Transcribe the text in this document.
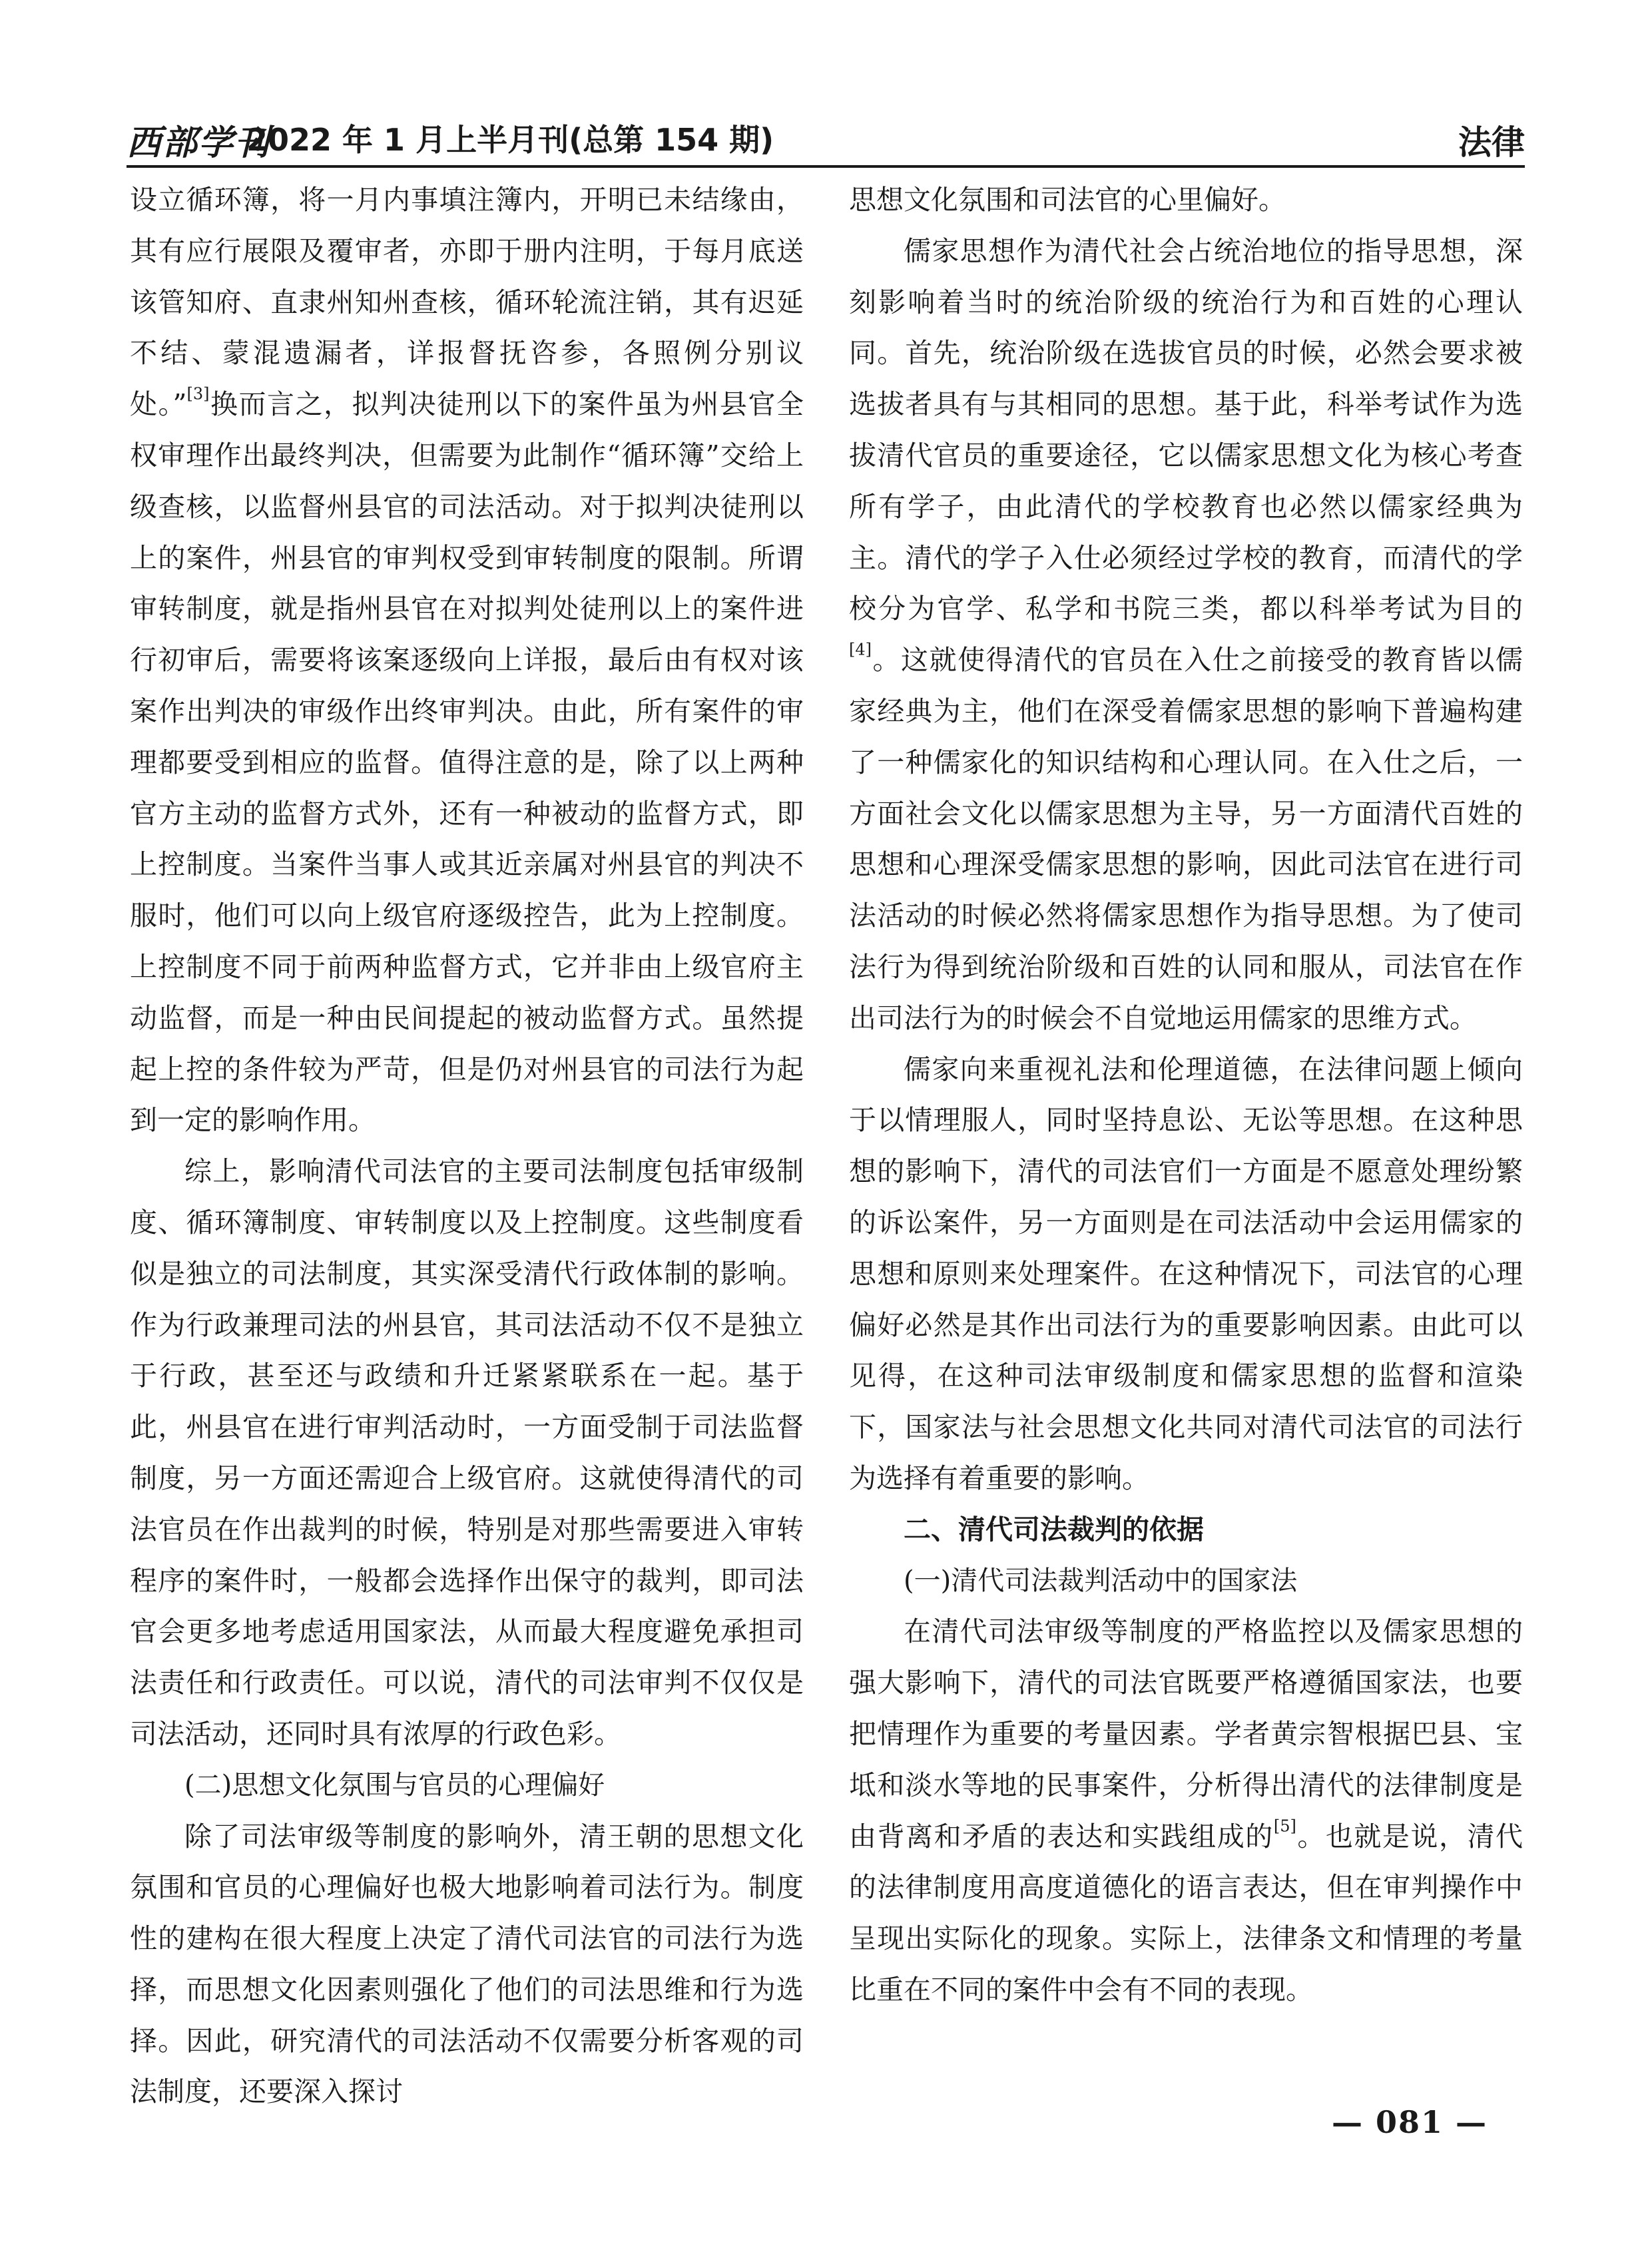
西部学刊
2022 年 1 月上半月刊(总第 154 期)	法律

设立循环簿，将一月内事填注簿内，开明已未结缘由，其有应行展限及覆审者，亦即于册内注明，于每月底送该管知府、直隶州知州查核，循环轮流注销，其有迟延不结、蒙混遗漏者，详报督抚咨参，各照例分别议处。”[3]换而言之，拟判决徒刑以下的案件虽为州县官全权审理作出最终判决，但需要为此制作“循环簿”交给上级查核，以监督州县官的司法活动。对于拟判决徒刑以上的案件，州县官的审判权受到审转制度的限制。所谓审转制度，就是指州县官在对拟判处徒刑以上的案件进行初审后，需要将该案逐级向上详报，最后由有权对该案作出判决的审级作出终审判决。由此，所有案件的审理都要受到相应的监督。值得注意的是，除了以上两种官方主动的监督方式外，还有一种被动的监督方式，即上控制度。当案件当事人或其近亲属对州县官的判决不服时，他们可以向上级官府逐级控告，此为上控制度。上控制度不同于前两种监督方式，它并非由上级官府主动监督，而是一种由民间提起的被动监督方式。虽然提起上控的条件较为严苛，但是仍对州县官的司法行为起到一定的影响作用。

综上，影响清代司法官的主要司法制度包括审级制度、循环簿制度、审转制度以及上控制度。这些制度看似是独立的司法制度，其实深受清代行政体制的影响。作为行政兼理司法的州县官，其司法活动不仅不是独立于行政，甚至还与政绩和升迁紧紧联系在一起。基于此，州县官在进行审判活动时，一方面受制于司法监督制度，另一方面还需迎合上级官府。这就使得清代的司法官员在作出裁判的时候，特别是对那些需要进入审转程序的案件时，一般都会选择作出保守的裁判，即司法官会更多地考虑适用国家法，从而最大程度避免承担司法责任和行政责任。可以说，清代的司法审判不仅仅是司法活动，还同时具有浓厚的行政色彩。

(二)思想文化氛围与官员的心理偏好

除了司法审级等制度的影响外，清王朝的思想文化氛围和官员的心理偏好也极大地影响着司法行为。制度性的建构在很大程度上决定了清代司法官的司法行为选择，而思想文化因素则强化了他们的司法思维和行为选择。因此，研究清代的司法活动不仅需要分析客观的司法制度，还要深入探讨

思想文化氛围和司法官的心里偏好。

儒家思想作为清代社会占统治地位的指导思想，深刻影响着当时的统治阶级的统治行为和百姓的心理认同。首先，统治阶级在选拔官员的时候，必然会要求被选拔者具有与其相同的思想。基于此，科举考试作为选拔清代官员的重要途径，它以儒家思想文化为核心考查所有学子，由此清代的学校教育也必然以儒家经典为主。清代的学子入仕必须经过学校的教育，而清代的学校分为官学、私学和书院三类，都以科举考试为目的[4]。这就使得清代的官员在入仕之前接受的教育皆以儒家经典为主，他们在深受着儒家思想的影响下普遍构建了一种儒家化的知识结构和心理认同。在入仕之后，一方面社会文化以儒家思想为主导，另一方面清代百姓的思想和心理深受儒家思想的影响，因此司法官在进行司法活动的时候必然将儒家思想作为指导思想。为了使司法行为得到统治阶级和百姓的认同和服从，司法官在作出司法行为的时候会不自觉地运用儒家的思维方式。

儒家向来重视礼法和伦理道德，在法律问题上倾向于以情理服人，同时坚持息讼、无讼等思想。在这种思想的影响下，清代的司法官们一方面是不愿意处理纷繁的诉讼案件，另一方面则是在司法活动中会运用儒家的思想和原则来处理案件。在这种情况下，司法官的心理偏好必然是其作出司法行为的重要影响因素。由此可以见得，在这种司法审级制度和儒家思想的监督和渲染下，国家法与社会思想文化共同对清代司法官的司法行为选择有着重要的影响。

二、清代司法裁判的依据
(一)清代司法裁判活动中的国家法

在清代司法审级等制度的严格监控以及儒家思想的强大影响下，清代的司法官既要严格遵循国家法，也要把情理作为重要的考量因素。学者黄宗智根据巴县、宝坻和淡水等地的民事案件，分析得出清代的法律制度是由背离和矛盾的表达和实践组成的[5]。也就是说，清代的法律制度用高度道德化的语言表达，但在审判操作中呈现出实际化的现象。实际上，法律条文和情理的考量比重在不同的案件中会有不同的表现。

— 081 —
